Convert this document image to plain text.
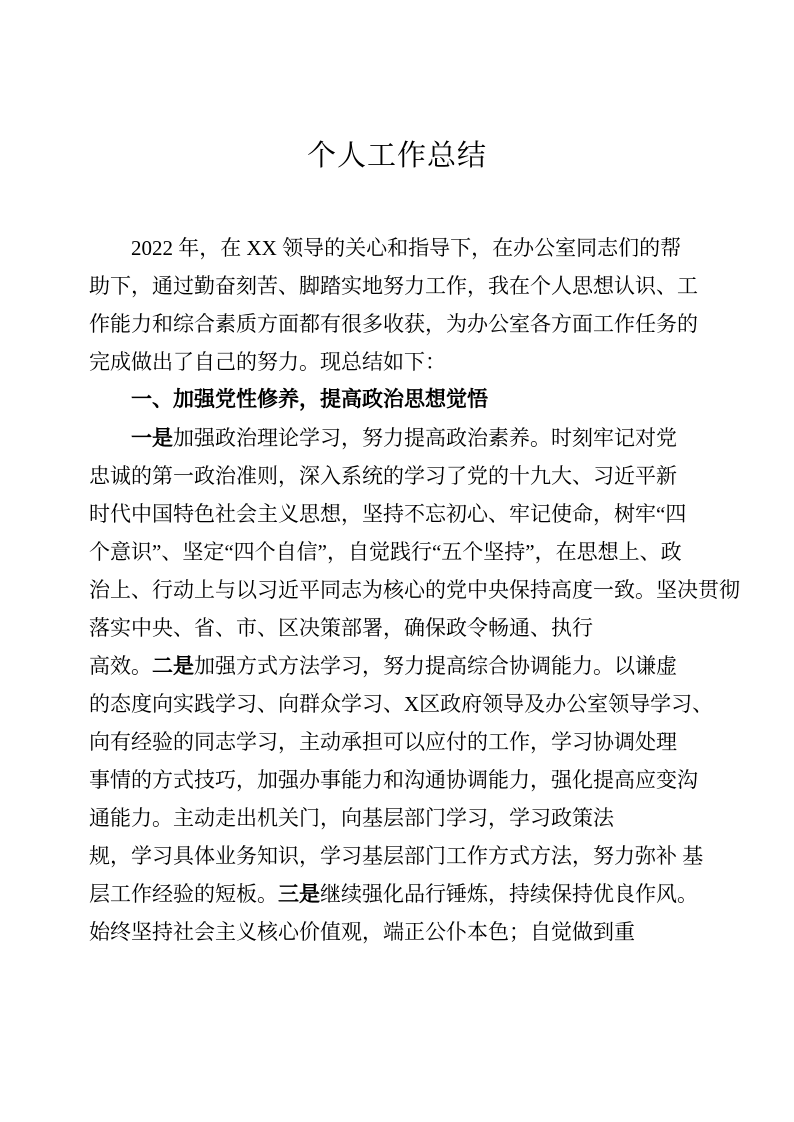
个人工作总结
2022 年，在 XX 领导的关心和指导下，在办公室同志们的帮
助下，通过勤奋刻苦、脚踏实地努力工作，我在个人思想认识、工
作能力和综合素质方面都有很多收获，为办公室各方面工作任务的
完成做出了自己的努力。现总结如下：
一、加强党性修养，提高政治思想觉悟
一是加强政治理论学习，努力提高政治素养。时刻牢记对党
忠诚的第一政治准则，深入系统的学习了党的十九大、习近平新
时代中国特色社会主义思想，坚持不忘初心、牢记使命，树牢“四
个意识”、坚定“四个自信”，自觉践行“五个坚持”，在思想上、政
治上、行动上与以习近平同志为核心的党中央保持高度一致。坚决贯彻
落实中央、省、市、区决策部署，确保政令畅通、执行
高效。二是加强方式方法学习，努力提高综合协调能力。以谦虚
的态度向实践学习、向群众学习、X区政府领导及办公室领导学习、
向有经验的同志学习，主动承担可以应付的工作，学习协调处理
事情的方式技巧，加强办事能力和沟通协调能力，强化提高应变沟
通能力。主动走出机关门，向基层部门学习，学习政策法
规，学习具体业务知识，学习基层部门工作方式方法，努力弥补 基
层工作经验的短板。三是继续强化品行锤炼，持续保持优良作风。
始终坚持社会主义核心价值观，端正公仆本色；自觉做到重
